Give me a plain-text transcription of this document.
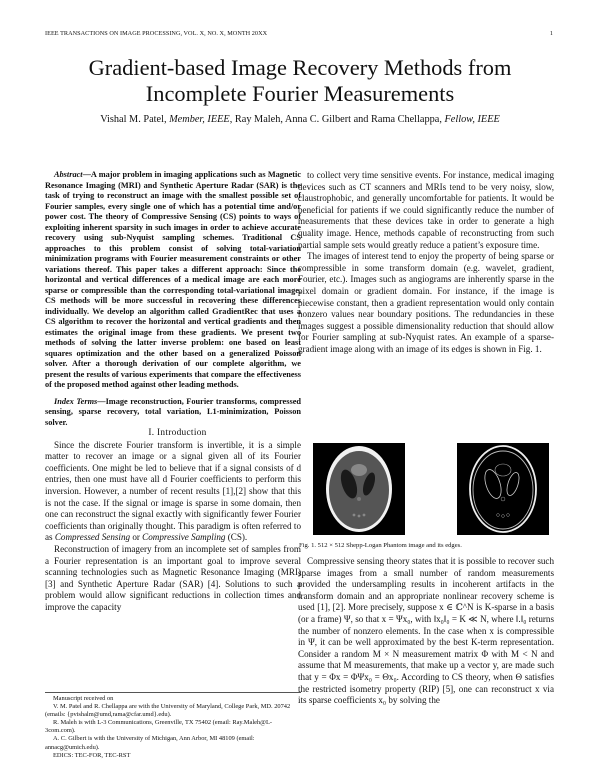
IEEE TRANSACTIONS ON IMAGE PROCESSING, VOL. X, NO. X, MONTH 20XX	1
Gradient-based Image Recovery Methods from Incomplete Fourier Measurements
Vishal M. Patel, Member, IEEE, Ray Maleh, Anna C. Gilbert and Rama Chellappa, Fellow, IEEE

Abstract—A major problem in imaging applications such as Magnetic Resonance Imaging (MRI) and Synthetic Aperture Radar (SAR) is the task of trying to reconstruct an image with the smallest possible set of Fourier samples, every single one of which has a potential time and/or power cost. The theory of Compressive Sensing (CS) points to ways of exploiting inherent sparsity in such images in order to achieve accurate recovery using sub-Nyquist sampling schemes. Traditional CS approaches to this problem consist of solving total-variation minimization programs with Fourier measurement constraints or other variations thereof. This paper takes a different approach: Since the horizontal and vertical differences of a medical image are each more sparse or compressible than the corresponding total-variational image, CS methods will be more successful in recovering these differences individually. We develop an algorithm called GradientRec that uses a CS algorithm to recover the horizontal and vertical gradients and then estimates the original image from these gradients. We present two methods of solving the latter inverse problem: one based on least squares optimization and the other based on a generalized Poisson solver. After a thorough derivation of our complete algorithm, we present the results of various experiments that compare the effectiveness of the proposed method against other leading methods.

Index Terms—Image reconstruction, Fourier transforms, compressed sensing, sparse recovery, total variation, L1-minimization, Poisson solver.

I. Introduction

Since the discrete Fourier transform is invertible, it is a simple matter to recover an image or a signal given all of its Fourier coefficients. One might be led to believe that if a signal consists of d entries, then one must have all d Fourier coefficients to perform this inversion. However, a number of recent results [1],[2] show that this is not the case. If the signal or image is sparse in some domain, then one can reconstruct the signal exactly with significantly fewer Fourier coefficients than originally thought. This paradigm is often referred to as Compressed Sensing or Compressive Sampling (CS).

Reconstruction of imagery from an incomplete set of samples from a Fourier representation is an important goal to improve several scanning technologies such as Magnetic Resonance Imaging (MRI) [3] and Synthetic Aperture Radar (SAR) [4]. Solutions to such a problem would allow significant reductions in collection times and improve the capacity

Manuscript received on

V. M. Patel and R. Chellappa are with the University of Maryland, College Park, MD. 20742 (emails: {pvishalm@umd,rama@cfar.umd}.edu).

R. Maleh is with L-3 Communications, Greenville, TX 75402 (email: Ray.Maleh@L-3com.com).

A. C. Gilbert is with the University of Michigan, Ann Arbor, MI 48109 (email: annacg@umich.edu).

EDICS: TEC-FOR, TEC-RST

to collect very time sensitive events. For instance, medical imaging devices such as CT scanners and MRIs tend to be very noisy, slow, claustrophobic, and generally uncomfortable for patients. It would be beneficial for patients if we could significantly reduce the number of measurements that these devices take in order to generate a high quality image. Hence, methods capable of reconstructing from such partial sample sets would greatly reduce a patient’s exposure time.

The images of interest tend to enjoy the property of being sparse or compressible in some transform domain (e.g. wavelet, gradient, Fourier, etc.). Images such as angiograms are inherently sparse in the pixel domain or gradient domain. For instance, if the image is piecewise constant, then a gradient representation would only contain nonzero values near boundary positions. The redundancies in these images suggest a possible dimensionality reduction that should allow for Fourier sampling at sub-Nyquist rates. An example of a sparse-gradient image along with an image of its edges is shown in Fig. 1.

Fig. 1. 512 × 512 Shepp-Logan Phantom image and its edges.

Compressive sensing theory states that it is possible to recover such sparse images from a small number of random measurements provided the undersampling results in incoherent artifacts in the transform domain and an appropriate nonlinear recovery scheme is used [1], [2]. More precisely, suppose x ∈ ℂ^N is K-sparse in a basis (or a frame) Ψ, so that x = Ψx₀, with ‖x₀‖₀ = K ≪ N, where ‖.‖₀ returns the number of nonzero elements. In the case when x is compressible in Ψ, it can be well approximated by the best K-term representation. Consider a random M × N measurement matrix Φ with M < N and assume that M measurements, that make up a vector y, are made such that y = Φx = ΦΨx₀ = Θx₀. According to CS theory, when Θ satisfies the restricted isometry property (RIP) [5], one can reconstruct x via its sparse coefficients x₀ by solving the
